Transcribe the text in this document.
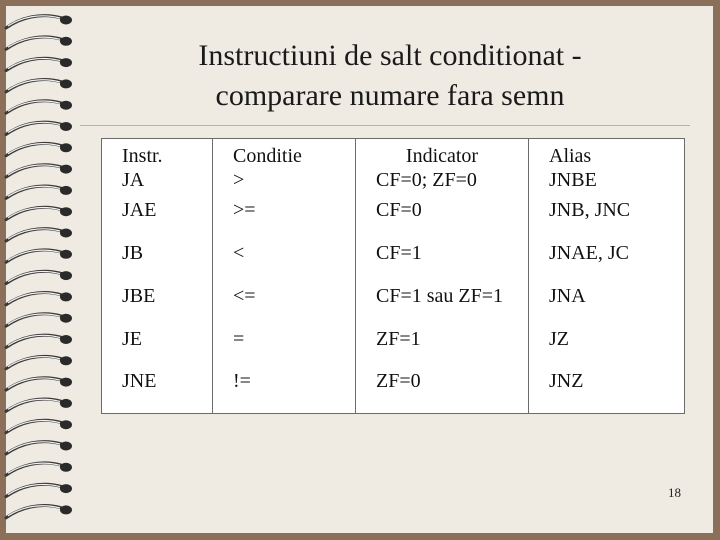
Instructiuni de salt conditionat -
comparare numare fara semn
Instr.	Conditie	Indicator	Alias
JA	>	CF=0; ZF=0	JNBE
JAE	>=	CF=0	JNB, JNC
JB	<	CF=1	JNAE, JC
JBE	<=	CF=1 sau ZF=1	JNA
JE	=	ZF=1	JZ
JNE	!=	ZF=0	JNZ
18
